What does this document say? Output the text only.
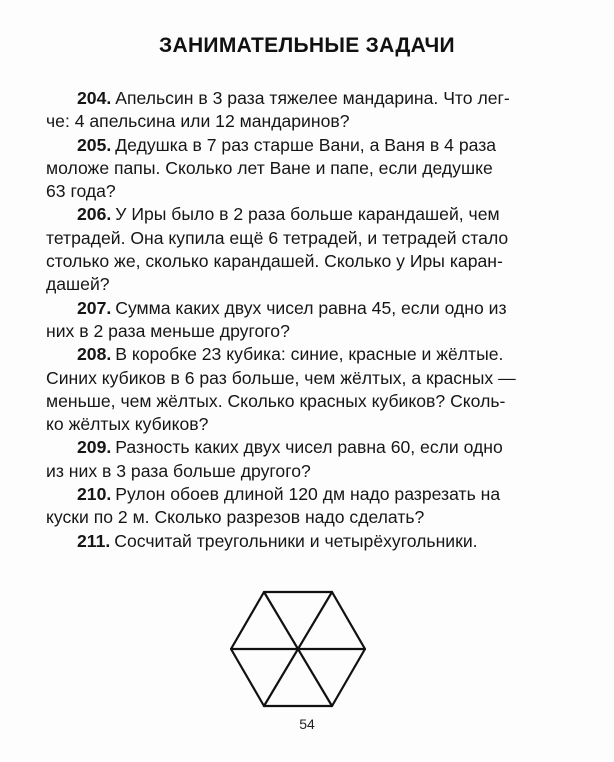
ЗАНИМАТЕЛЬНЫЕ ЗАДАЧИ
204. Апельсин в 3 раза тяжелее мандарина. Что лег-
че: 4 апельсина или 12 мандаринов?
205. Дедушка в 7 раз старше Вани, а Ваня в 4 раза
моложе папы. Сколько лет Ване и папе, если дедушке
63 года?
206. У Иры было в 2 раза больше карандашей, чем
тетрадей. Она купила ещё 6 тетрадей, и тетрадей стало
столько же, сколько карандашей. Сколько у Иры каран-
дашей?
207. Сумма каких двух чисел равна 45, если одно из
них в 2 раза меньше другого?
208. В коробке 23 кубика: синие, красные и жёлтые.
Синих кубиков в 6 раз больше, чем жёлтых, а красных —
меньше, чем жёлтых. Сколько красных кубиков? Сколь-
ко жёлтых кубиков?
209. Разность каких двух чисел равна 60, если одно
из них в 3 раза больше другого?
210. Рулон обоев длиной 120 дм надо разрезать на
куски по 2 м. Сколько разрезов надо сделать?
211. Сосчитай треугольники и четырёхугольники.
54
